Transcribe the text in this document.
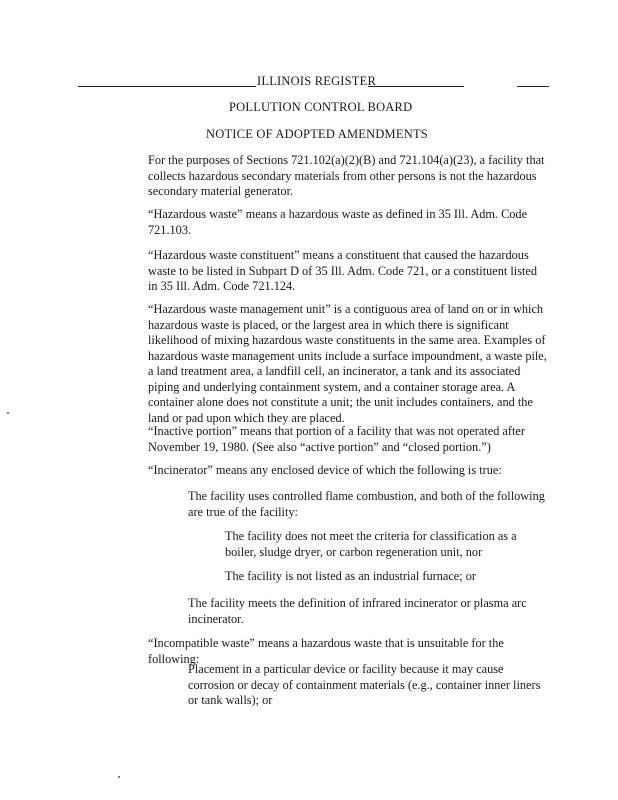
ILLINOIS REGISTER
POLLUTION CONTROL BOARD
NOTICE OF ADOPTED AMENDMENTS

For the purposes of Sections 721.102(a)(2)(B) and 721.104(a)(23), a facility that collects hazardous secondary materials from other persons is not the hazardous secondary material generator.

“Hazardous waste” means a hazardous waste as defined in 35 Ill. Adm. Code 721.103.

“Hazardous waste constituent” means a constituent that caused the hazardous waste to be listed in Subpart D of 35 Ill. Adm. Code 721, or a constituent listed in 35 Ill. Adm. Code 721.124.

“Hazardous waste management unit” is a contiguous area of land on or in which hazardous waste is placed, or the largest area in which there is significant likelihood of mixing hazardous waste constituents in the same area. Examples of hazardous waste management units include a surface impoundment, a waste pile, a land treatment area, a landfill cell, an incinerator, a tank and its associated piping and underlying containment system, and a container storage area. A container alone does not constitute a unit; the unit includes containers, and the land or pad upon which they are placed.

“Inactive portion” means that portion of a facility that was not operated after November 19, 1980. (See also “active portion” and “closed portion.”)

“Incinerator” means any enclosed device of which the following is true:

The facility uses controlled flame combustion, and both of the following are true of the facility:

The facility does not meet the criteria for classification as a boiler, sludge dryer, or carbon regeneration unit, nor

The facility is not listed as an industrial furnace; or

The facility meets the definition of infrared incinerator or plasma arc incinerator.

“Incompatible waste” means a hazardous waste that is unsuitable for the following:

Placement in a particular device or facility because it may cause corrosion or decay of containment materials (e.g., container inner liners or tank walls); or
